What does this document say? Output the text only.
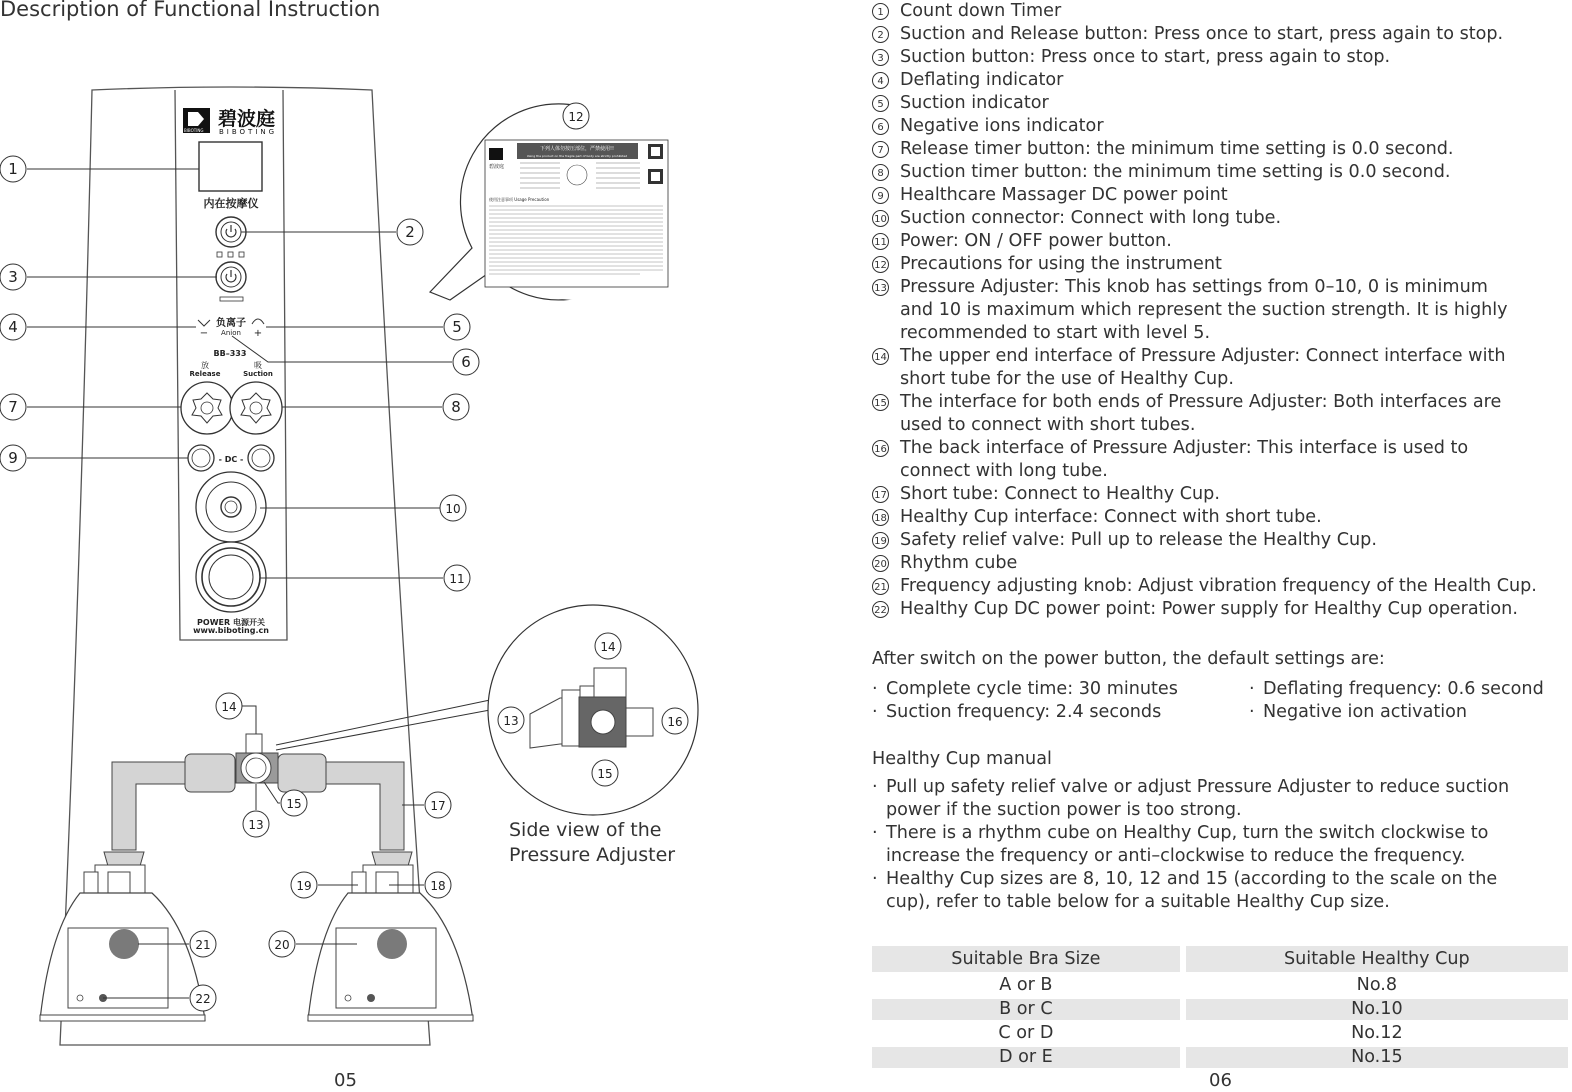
Description of Functional Instruction
BIBOTING
碧波庭
BIBOTING
内在按摩仪
负离子
Anion
−	+
BB–333
放
Release
吸
Suction
- DC -
POWER 电源开关
www.biboting.cn
下列人体勿按压部位，严禁使用!!
Using the product on the fragile part of body are strictly prohibited
碧波庭
使用注意事项 Usage Precaution
1
2
3
4	5
6
7	8
9
10
11
12
14
15
13
17
18
19
21	20
22
14
13	16
15
Side view of the
Pressure Adjuster
05
1 Count down Timer
2 Suction and Release button: Press once to start, press again to stop.
3 Suction button: Press once to start, press again to stop.
4 Deflating indicator
5 Suction indicator
6 Negative ions indicator
7 Release timer button: the minimum time setting is 0.0 second.
8 Suction timer button: the minimum time setting is 0.0 second.
9 Healthcare Massager DC power point
10 Suction connector: Connect with long tube.
11 Power: ON / OFF power button.
12 Precautions for using the instrument
13 Pressure Adjuster: This knob has settings from 0–10, 0 is minimum
and 10 is maximum which represent the suction strength. It is highly
recommended to start with level 5.
14 The upper end interface of Pressure Adjuster: Connect interface with
short tube for the use of Healthy Cup.
15 The interface for both ends of Pressure Adjuster: Both interfaces are
used to connect with short tubes.
16 The back interface of Pressure Adjuster: This interface is used to
connect with long tube.
17 Short tube: Connect to Healthy Cup.
18 Healthy Cup interface: Connect with short tube.
19 Safety relief valve: Pull up to release the Healthy Cup.
20 Rhythm cube
21 Frequency adjusting knob: Adjust vibration frequency of the Health Cup.
22 Healthy Cup DC power point: Power supply for Healthy Cup operation.
After switch on the power button, the default settings are:
· Complete cycle time: 30 minutes	· Deflating frequency: 0.6 second
· Suction frequency: 2.4 seconds	· Negative ion activation
Healthy Cup manual
· Pull up safety relief valve or adjust Pressure Adjuster to reduce suction
power if the suction power is too strong.
· There is a rhythm cube on Healthy Cup, turn the switch clockwise to
increase the frequency or anti–clockwise to reduce the frequency.
· Healthy Cup sizes are 8, 10, 12 and 15 (according to the scale on the
cup), refer to table below for a suitable Healthy Cup size.
Suitable Bra Size		Suitable Healthy Cup
A or B		No.8
B or C		No.10
C or D		No.12
D or E		No.15
06
